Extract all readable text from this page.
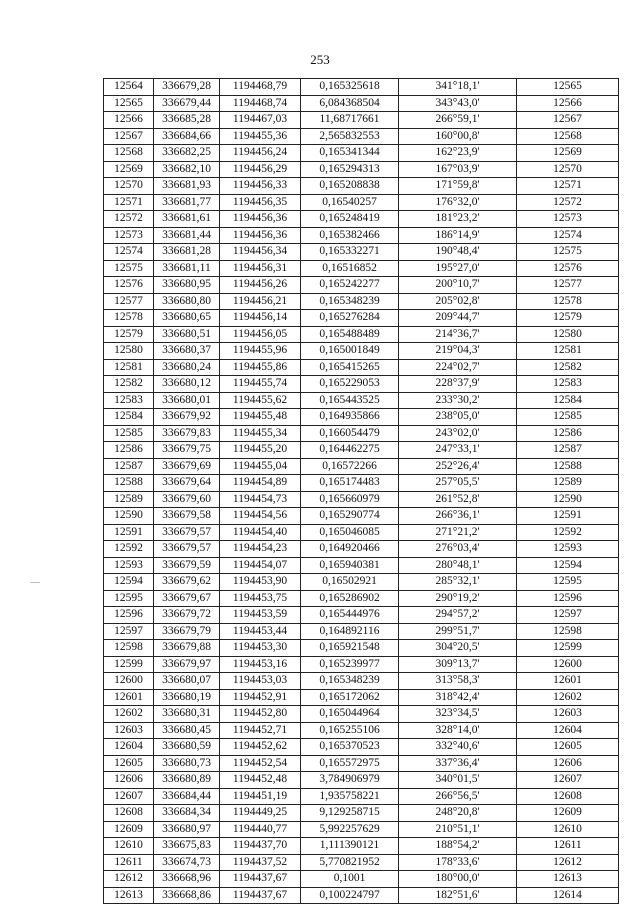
253
12564	336679,28	1194468,79	0,165325618	341°18,1'	12565
12565	336679,44	1194468,74	6,084368504	343°43,0'	12566
12566	336685,28	1194467,03	11,68717661	266°59,1'	12567
12567	336684,66	1194455,36	2,565832553	160°00,8'	12568
12568	336682,25	1194456,24	0,165341344	162°23,9'	12569
12569	336682,10	1194456,29	0,165294313	167°03,9'	12570
12570	336681,93	1194456,33	0,165208838	171°59,8'	12571
12571	336681,77	1194456,35	0,16540257	176°32,0'	12572
12572	336681,61	1194456,36	0,165248419	181°23,2'	12573
12573	336681,44	1194456,36	0,165382466	186°14,9'	12574
12574	336681,28	1194456,34	0,165332271	190°48,4'	12575
12575	336681,11	1194456,31	0,16516852	195°27,0'	12576
12576	336680,95	1194456,26	0,165242277	200°10,7'	12577
12577	336680,80	1194456,21	0,165348239	205°02,8'	12578
12578	336680,65	1194456,14	0,165276284	209°44,7'	12579
12579	336680,51	1194456,05	0,165488489	214°36,7'	12580
12580	336680,37	1194455,96	0,165001849	219°04,3'	12581
12581	336680,24	1194455,86	0,165415265	224°02,7'	12582
12582	336680,12	1194455,74	0,165229053	228°37,9'	12583
12583	336680,01	1194455,62	0,165443525	233°30,2'	12584
12584	336679,92	1194455,48	0,164935866	238°05,0'	12585
12585	336679,83	1194455,34	0,166054479	243°02,0'	12586
12586	336679,75	1194455,20	0,164462275	247°33,1'	12587
12587	336679,69	1194455,04	0,16572266	252°26,4'	12588
12588	336679,64	1194454,89	0,165174483	257°05,5'	12589
12589	336679,60	1194454,73	0,165660979	261°52,8'	12590
12590	336679,58	1194454,56	0,165290774	266°36,1'	12591
12591	336679,57	1194454,40	0,165046085	271°21,2'	12592
12592	336679,57	1194454,23	0,164920466	276°03,4'	12593
12593	336679,59	1194454,07	0,165940381	280°48,1'	12594
12594	336679,62	1194453,90	0,16502921	285°32,1'	12595
12595	336679,67	1194453,75	0,165286902	290°19,2'	12596
12596	336679,72	1194453,59	0,165444976	294°57,2'	12597
12597	336679,79	1194453,44	0,164892116	299°51,7'	12598
12598	336679,88	1194453,30	0,165921548	304°20,5'	12599
12599	336679,97	1194453,16	0,165239977	309°13,7'	12600
12600	336680,07	1194453,03	0,165348239	313°58,3'	12601
12601	336680,19	1194452,91	0,165172062	318°42,4'	12602
12602	336680,31	1194452,80	0,165044964	323°34,5'	12603
12603	336680,45	1194452,71	0,165255106	328°14,0'	12604
12604	336680,59	1194452,62	0,165370523	332°40,6'	12605
12605	336680,73	1194452,54	0,165572975	337°36,4'	12606
12606	336680,89	1194452,48	3,784906979	340°01,5'	12607
12607	336684,44	1194451,19	1,935758221	266°56,5'	12608
12608	336684,34	1194449,25	9,129258715	248°20,8'	12609
12609	336680,97	1194440,77	5,992257629	210°51,1'	12610
12610	336675,83	1194437,70	1,111390121	188°54,2'	12611
12611	336674,73	1194437,52	5,770821952	178°33,6'	12612
12612	336668,96	1194437,67	0,1001	180°00,0'	12613
12613	336668,86	1194437,67	0,100224797	182°51,6'	12614
